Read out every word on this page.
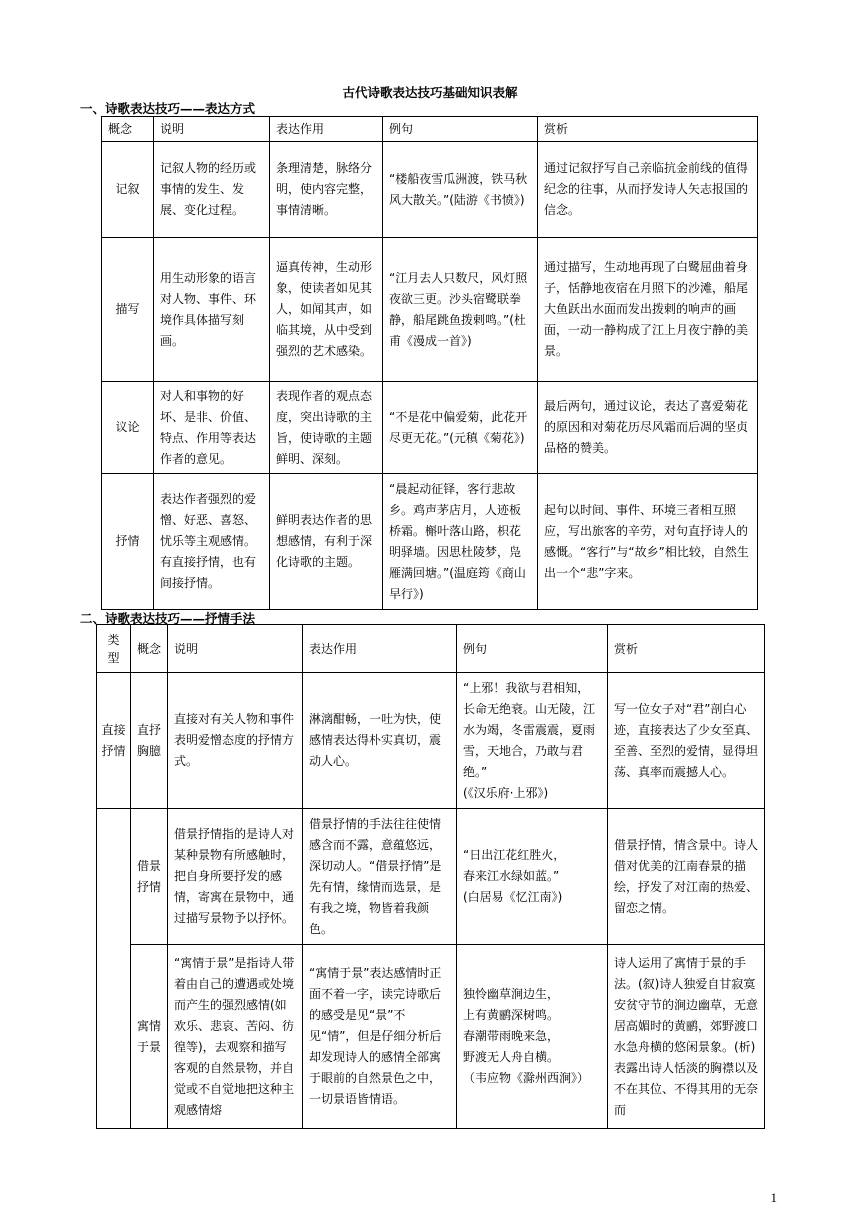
古代诗歌表达技巧基础知识表解
一、诗歌表达技巧——表达方式
概念	说明	表达作用	例句	赏析
记叙	记叙人物的经历或事情的发生、发展、变化过程。	条理清楚，脉络分明，使内容完整，事情清晰。	“楼船夜雪瓜洲渡，铁马秋风大散关。”(陆游《书愤》)	通过记叙抒写自己亲临抗金前线的值得纪念的往事，从而抒发诗人矢志报国的信念。
描写	用生动形象的语言对人物、事件、环境作具体描写刻画。	逼真传神，生动形象，使读者如见其人，如闻其声，如临其境，从中受到强烈的艺术感染。	“江月去人只数尺，风灯照夜欲三更。沙头宿鹭联拳静，船尾跳鱼拨剌鸣。”(杜甫《漫成一首》)	通过描写，生动地再现了白鹭屈曲着身子，恬静地夜宿在月照下的沙滩，船尾大鱼跃出水面而发出拨剌的响声的画面，一动一静构成了江上月夜宁静的美景。
议论	对人和事物的好坏、是非、价值、特点、作用等表达作者的意见。	表现作者的观点态度，突出诗歌的主旨，使诗歌的主题鲜明、深刻。	“不是花中偏爱菊，此花开尽更无花。”(元稹《菊花》)	最后两句，通过议论，表达了喜爱菊花的原因和对菊花历尽风霜而后凋的坚贞品格的赞美。
抒情	表达作者强烈的爱憎、好恶、喜怒、忧乐等主观感情。有直接抒情，也有间接抒情。	鲜明表达作者的思想感情，有利于深化诗歌的主题。	“晨起动征铎，客行悲故乡。鸡声茅店月，人迹板桥霜。槲叶落山路，枳花明驿墙。因思杜陵梦，凫雁满回塘。”(温庭筠《商山早行》)	起句以时间、事件、环境三者相互照应，写出旅客的辛劳，对句直抒诗人的感慨。“客行”与“故乡”相比较，自然生出一个“悲”字来。
二、诗歌表达技巧——抒情手法
类型	概念	说明	表达作用	例句	赏析
直接抒情	直抒胸臆	直接对有关人物和事件表明爱憎态度的抒情方式。	淋漓酣畅，一吐为快，使感情表达得朴实真切，震动人心。	“上邪！我欲与君相知，长命无绝衰。山无陵，江水为竭，冬雷震震，夏雨雪，天地合，乃敢与君绝。”
(《汉乐府·上邪》)	写一位女子对“君”剖白心迹，直接表达了少女至真、至善、至烈的爱情，显得坦荡、真率而震撼人心。
	借景抒情	借景抒情指的是诗人对某种景物有所感触时，把自身所要抒发的感情，寄寓在景物中，通过描写景物予以抒怀。	借景抒情的手法往往使情感含而不露，意蕴悠远，深切动人。“借景抒情”是先有情，缘情而选景，是有我之境，物皆着我颜色。	“日出江花红胜火，
春来江水绿如蓝。”
(白居易《忆江南》)	借景抒情，情含景中。诗人借对优美的江南春景的描绘，抒发了对江南的热爱、留恋之情。
	寓情于景	“寓情于景”是指诗人带着由自己的遭遇或处境而产生的强烈感情(如欢乐、悲哀、苦闷、彷徨等)，去观察和描写客观的自然景物，并自觉或不自觉地把这种主观感情熔	“寓情于景”表达感情时正面不着一字，读完诗歌后的感受是见“景”不见“情”，但是仔细分析后却发现诗人的感情全部寓于眼前的自然景色之中，一切景语皆情语。	独怜幽草涧边生，
上有黄鹂深树鸣。
春潮带雨晚来急，
野渡无人舟自横。
（韦应物《滁州西涧》）	诗人运用了寓情于景的手法。(叙)诗人独爱自甘寂寞安贫守节的涧边幽草，无意居高媚时的黄鹂，郊野渡口水急舟横的悠闲景象。(析)表露出诗人恬淡的胸襟以及不在其位、不得其用的无奈而
1
